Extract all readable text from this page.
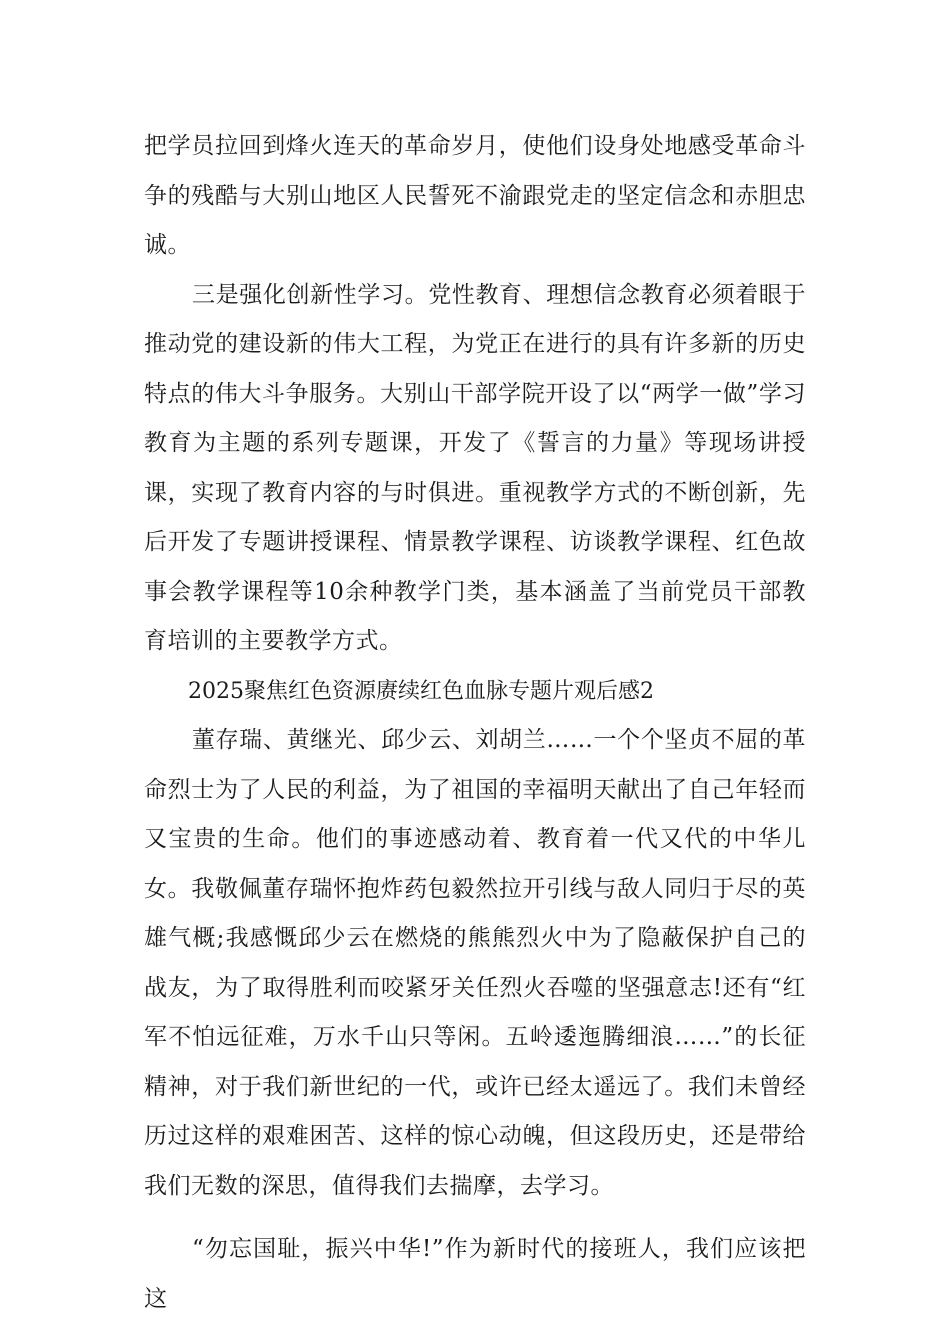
把学员拉回到烽火连天的革命岁月，使他们设身处地感受革命斗争的残酷与大别山地区人民誓死不渝跟党走的坚定信念和赤胆忠诚。

三是强化创新性学习。党性教育、理想信念教育必须着眼于推动党的建设新的伟大工程，为党正在进行的具有许多新的历史特点的伟大斗争服务。大别山干部学院开设了以“两学一做”学习教育为主题的系列专题课，开发了《誓言的力量》等现场讲授课，实现了教育内容的与时俱进。重视教学方式的不断创新，先后开发了专题讲授课程、情景教学课程、访谈教学课程、红色故事会教学课程等10余种教学门类，基本涵盖了当前党员干部教育培训的主要教学方式。

2025聚焦红色资源赓续红色血脉专题片观后感2

董存瑞、黄继光、邱少云、刘胡兰……一个个坚贞不屈的革命烈士为了人民的利益，为了祖国的幸福明天献出了自己年轻而又宝贵的生命。他们的事迹感动着、教育着一代又代的中华儿女。我敬佩董存瑞怀抱炸药包毅然拉开引线与敌人同归于尽的英雄气概;我感慨邱少云在燃烧的熊熊烈火中为了隐蔽保护自己的战友，为了取得胜利而咬紧牙关任烈火吞噬的坚强意志!还有“红军不怕远征难，万水千山只等闲。五岭逶迤腾细浪……”的长征精神，对于我们新世纪的一代，或许已经太遥远了。我们未曾经历过这样的艰难困苦、这样的惊心动魄，但这段历史，还是带给我们无数的深思，值得我们去揣摩，去学习。

“勿忘国耻，振兴中华!”作为新时代的接班人，我们应该把这
